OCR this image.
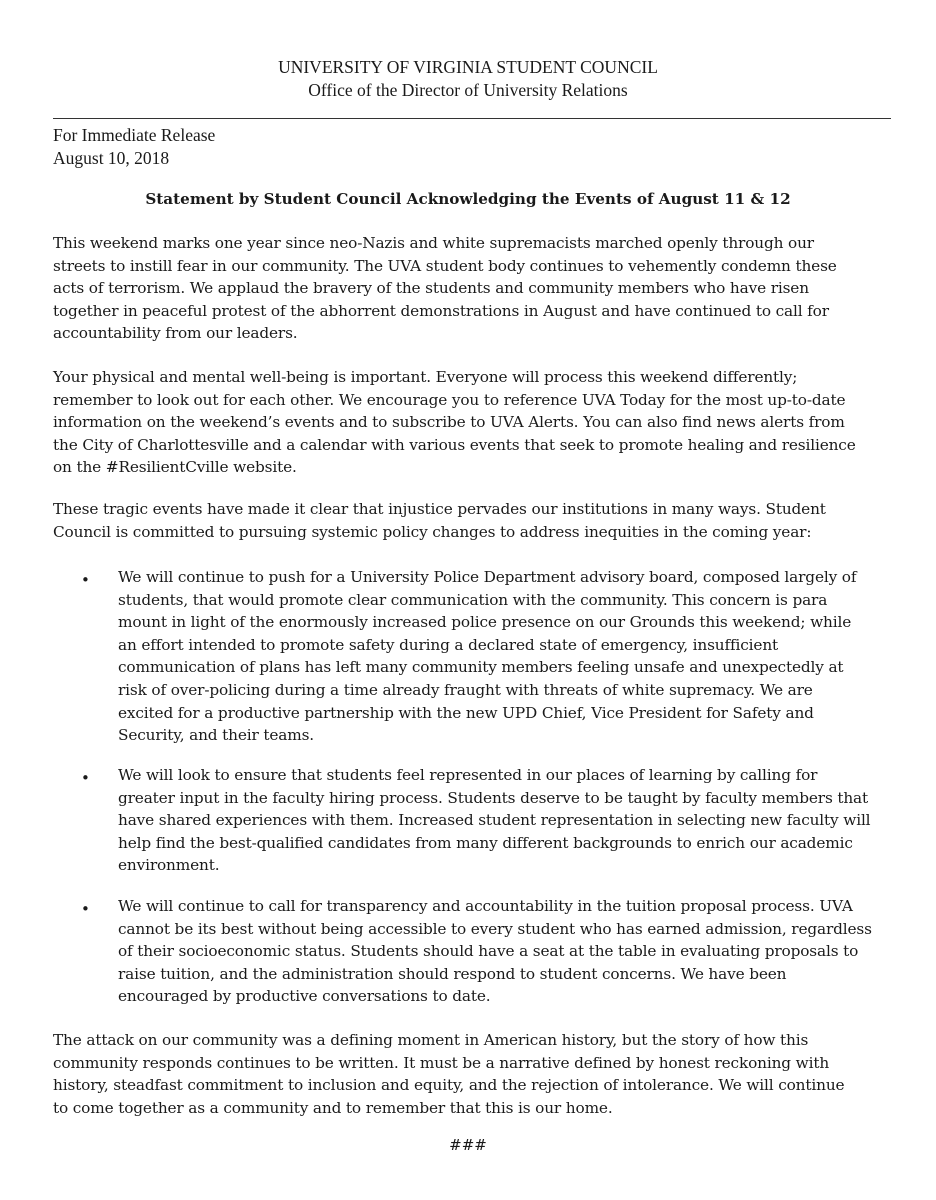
UNIVERSITY OF VIRGINIA STUDENT COUNCIL
Office of the Director of University Relations
For Immediate Release
August 10, 2018
Statement by Student Council Acknowledging the Events of August 11 & 12
This weekend marks one year since neo-Nazis and white supremacists marched openly through our
streets to instill fear in our community. The UVA student body continues to vehemently condemn these
acts of terrorism. We applaud the bravery of the students and community members who have risen
together in peaceful protest of the abhorrent demonstrations in August and have continued to call for
accountability from our leaders.
Your physical and mental well-being is important. Everyone will process this weekend differently;
remember to look out for each other. We encourage you to reference UVA Today for the most up-to-date
information on the weekend’s events and to subscribe to UVA Alerts. You can also find news alerts from
the City of Charlottesville and a calendar with various events that seek to promote healing and resilience
on the #ResilientCville website.
These tragic events have made it clear that injustice pervades our institutions in many ways. Student
Council is committed to pursuing systemic policy changes to address inequities in the coming year:
• We will continue to push for a University Police Department advisory board, composed largely of
students, that would promote clear communication with the community. This concern is para
mount in light of the enormously increased police presence on our Grounds this weekend; while
an effort intended to promote safety during a declared state of emergency, insufficient
communication of plans has left many community members feeling unsafe and unexpectedly at
risk of over-policing during a time already fraught with threats of white supremacy. We are
excited for a productive partnership with the new UPD Chief, Vice President for Safety and
Security, and their teams.
• We will look to ensure that students feel represented in our places of learning by calling for
greater input in the faculty hiring process. Students deserve to be taught by faculty members that
have shared experiences with them. Increased student representation in selecting new faculty will
help find the best-qualified candidates from many different backgrounds to enrich our academic
environment.
• We will continue to call for transparency and accountability in the tuition proposal process. UVA
cannot be its best without being accessible to every student who has earned admission, regardless
of their socioeconomic status. Students should have a seat at the table in evaluating proposals to
raise tuition, and the administration should respond to student concerns. We have been
encouraged by productive conversations to date.
The attack on our community was a defining moment in American history, but the story of how this
community responds continues to be written. It must be a narrative defined by honest reckoning with
history, steadfast commitment to inclusion and equity, and the rejection of intolerance. We will continue
to come together as a community and to remember that this is our home.
###
